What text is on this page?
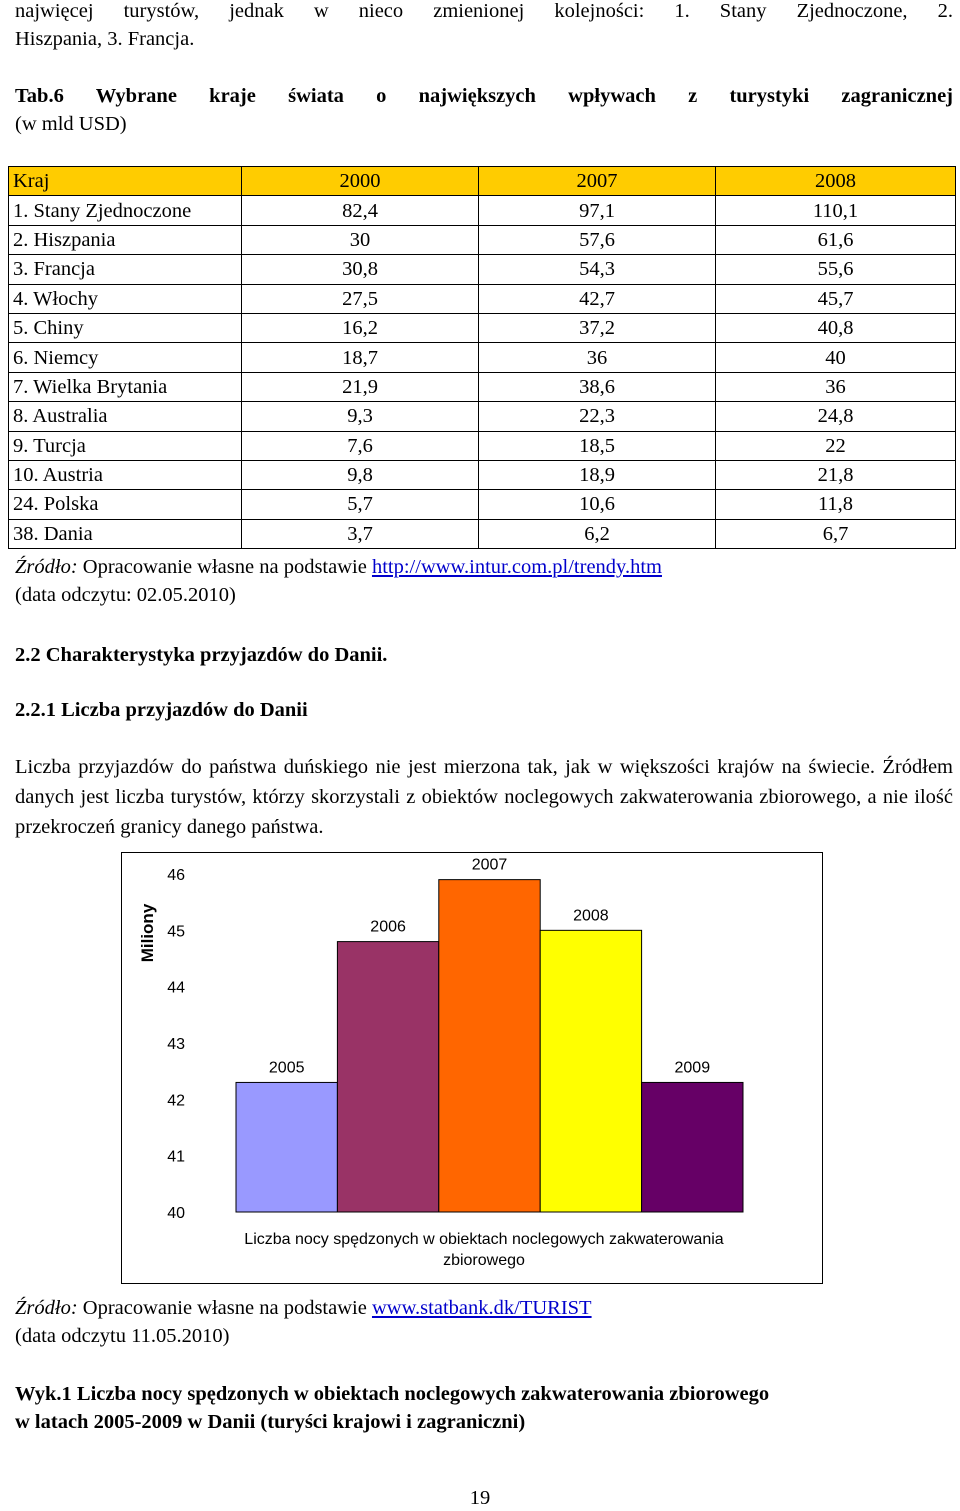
najwięcej turystów, jednak w nieco zmienionej kolejności: 1. Stany Zjednoczone, 2.
Hiszpania, 3. Francja.
Tab.6 Wybrane kraje świata o największych wpływach z turystyki zagranicznej
(w mld USD)
Kraj	2000	2007	2008
1. Stany Zjednoczone	82,4	97,1	110,1
2. Hiszpania	30	57,6	61,6
3. Francja	30,8	54,3	55,6
4. Włochy	27,5	42,7	45,7
5. Chiny	16,2	37,2	40,8
6. Niemcy	18,7	36	40
7. Wielka Brytania	21,9	38,6	36
8. Australia	9,3	22,3	24,8
9. Turcja	7,6	18,5	22
10. Austria	9,8	18,9	21,8
24. Polska	5,7	10,6	11,8
38. Dania	3,7	6,2	6,7
Źródło: Opracowanie własne na podstawie http://www.intur.com.pl/trendy.htm
(data odczytu: 02.05.2010)
2.2 Charakterystyka przyjazdów do Danii.
2.2.1 Liczba przyjazdów do Danii
Liczba przyjazdów do państwa duńskiego nie jest mierzona tak, jak w większości krajów na świecie. Źródłem danych jest liczba turystów, którzy skorzystali z obiektów noclegowych zakwaterowania zbiorowego, a nie ilość przekroczeń granicy danego państwa.
Miliony
40
41
42
43
44
45
46
2005
2006
2007
2008
2009
Liczba nocy spędzonych w obiektach noclegowych zakwaterowania
zbiorowego
Źródło: Opracowanie własne na podstawie www.statbank.dk/TURIST
(data odczytu 11.05.2010)
Wyk.1 Liczba nocy spędzonych w obiektach noclegowych zakwaterowania zbiorowego
w latach 2005-2009 w Danii (turyści krajowi i zagraniczni)
19
